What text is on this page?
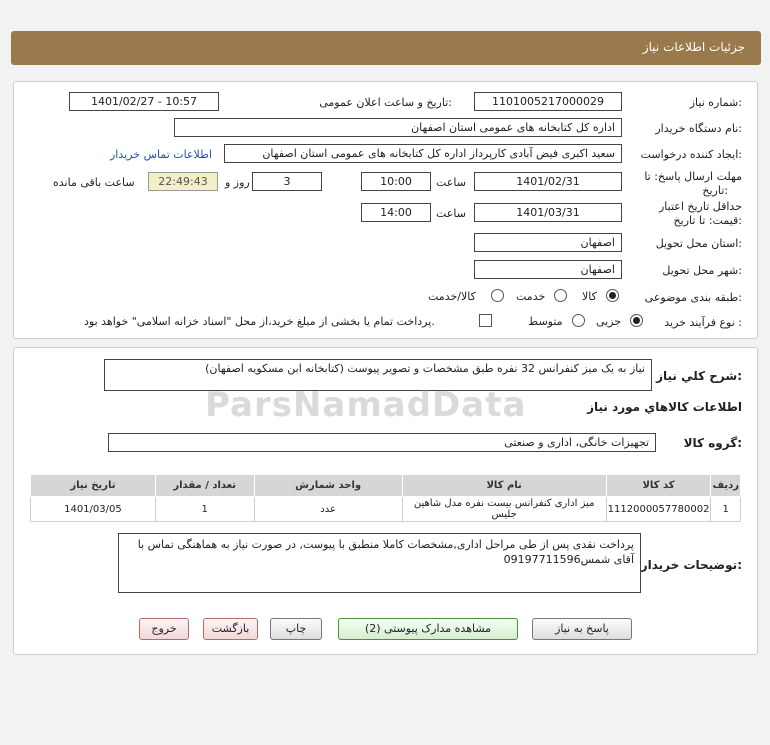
جزئیات اطلاعات نیاز
شماره نیاز:
1101005217000029
تاریخ و ساعت اعلان عمومی:
1401/02/27 - 10:57
نام دستگاه خریدار:
اداره کل کتابخانه های عمومی استان اصفهان
ایجاد کننده درخواست:
سعید اکبری فیض آبادی کارپرداز اداره کل کتابخانه های عمومی استان اصفهان
اطلاعات تماس خریدار
مهلت ارسال پاسخ: تا
تاریخ:
1401/02/31
ساعت
10:00
3
روز و
22:49:43
ساعت باقی مانده
حداقل تاریخ اعتبار
قیمت: تا تاریخ:
1401/03/31
ساعت
14:00
استان محل تحویل:
اصفهان
شهر محل تحویل:
اصفهان
طبقه بندی موضوعی:
کالا
خدمت
کالا/خدمت
نوع فرآیند خرید :
جزیی
متوسط
پرداخت تمام یا بخشی از مبلغ خرید،از محل "اسناد خزانه اسلامی" خواهد بود.
شرح کلي نياز:
نیاز به یک میز کنفرانس 32 نفره طبق مشخصات و تصویر پیوست (کتابخانه ابن مسکویه اصفهان)
ParsNamadData	اطلاعات کالاهاي مورد نياز
گروه کالا:
تجهیزات خانگی، اداری و صنعتی
ردیف	کد کالا	نام کالا	واحد شمارش	تعداد / مقدار	تاریخ نیاز
1	1112000057780002	میز اداری کنفرانس بیست نفره مدل شاهین جلیس	عدد	1	1401/03/05
توضیحات خریدار:
پرداخت نقدی پس از طی مراحل اداری,مشخصات کاملا منطبق با پیوست, در صورت نیاز به هماهنگی تماس با آقای شمس09197711596
پاسخ به نیاز
مشاهده مدارک پیوستی (2)
چاپ
بازگشت
خروج
